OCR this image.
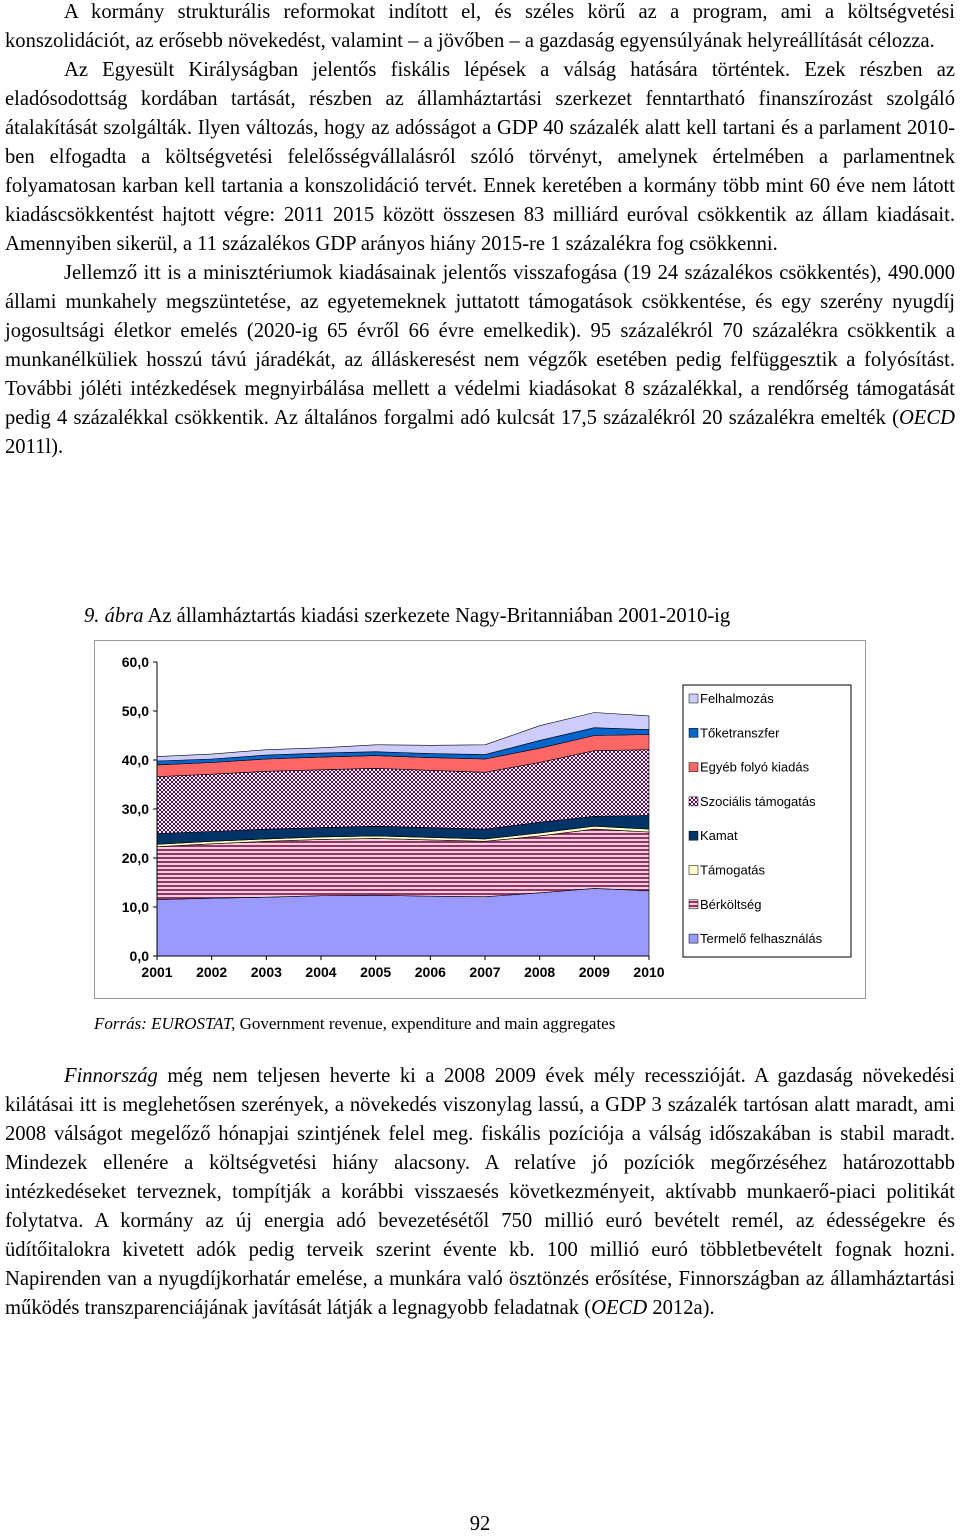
A kormány strukturális reformokat indított el, és széles körű az a program, ami a költségvetési konszolidációt, az erősebb növekedést, valamint – a jövőben – a gazdaság egyensúlyának helyreállítását célozza.

Az Egyesült Királyságban jelentős fiskális lépések a válság hatására történtek. Ezek részben az eladósodottság kordában tartását, részben az államháztartási szerkezet fenntartható finanszírozást szolgáló átalakítását szolgálták. Ilyen változás, hogy az adósságot a GDP 40 százalék alatt kell tartani és a parlament 2010-ben elfogadta a költségvetési felelősségvállalásról szóló törvényt, amelynek értelmében a parlamentnek folyamatosan karban kell tartania a konszolidáció tervét. Ennek keretében a kormány több mint 60 éve nem látott kiadáscsökkentést hajtott végre: 2011 2015 között összesen 83 milliárd euróval csökkentik az állam kiadásait. Amennyiben sikerül, a 11 százalékos GDP arányos hiány 2015-re 1 százalékra fog csökkenni.

Jellemző itt is a minisztériumok kiadásainak jelentős visszafogása (19 24 százalékos csökkentés), 490.000 állami munkahely megszüntetése, az egyetemeknek juttatott támogatások csökkentése, és egy szerény nyugdíj jogosultsági életkor emelés (2020-ig 65 évről 66 évre emelkedik). 95 százalékról 70 százalékra csökkentik a munkanélküliek hosszú távú járadékát, az álláskeresést nem végzők esetében pedig felfüggesztik a folyósítást. További jóléti intézkedések megnyirbálása mellett a védelmi kiadásokat 8 százalékkal, a rendőrség támogatását pedig 4 százalékkal csökkentik. Az általános forgalmi adó kulcsát 17,5 százalékról 20 százalékra emelték (OECD 2011l).

9. ábra Az államháztartás kiadási szerkezete Nagy-Britanniában 2001-2010-ig
0,0
10,0
20,0
30,0
40,0
50,0
60,0
2001 2002 2003 2004 2005 2006 2007 2008 2009 2010
Felhalmozás
Tőketranszfer
Egyéb folyó kiadás
Szociális támogatás
Kamat
Támogatás
Bérköltség
Termelő felhasználás
Forrás: EUROSTAT, Government revenue, expenditure and main aggregates

Finnország még nem teljesen heverte ki a 2008 2009 évek mély recesszióját. A gazdaság növekedési kilátásai itt is meglehetősen szerények, a növekedés viszonylag lassú, a GDP 3 százalék tartósan alatt maradt, ami 2008 válságot megelőző hónapjai szintjének felel meg. fiskális pozíciója a válság időszakában is stabil maradt. Mindezek ellenére a költségvetési hiány alacsony. A relatíve jó pozíciók megőrzéséhez határozottabb intézkedéseket terveznek, tompítják a korábbi visszaesés következményeit, aktívabb munkaerő-piaci politikát folytatva. A kormány az új energia adó bevezetésétől 750 millió euró bevételt remél, az édességekre és üdítőitalokra kivetett adók pedig terveik szerint évente kb. 100 millió euró többletbevételt fognak hozni. Napirenden van a nyugdíjkorhatár emelése, a munkára való ösztönzés erősítése, Finnországban az államháztartási működés transzparenciájának javítását látják a legnagyobb feladatnak (OECD 2012a).

92
